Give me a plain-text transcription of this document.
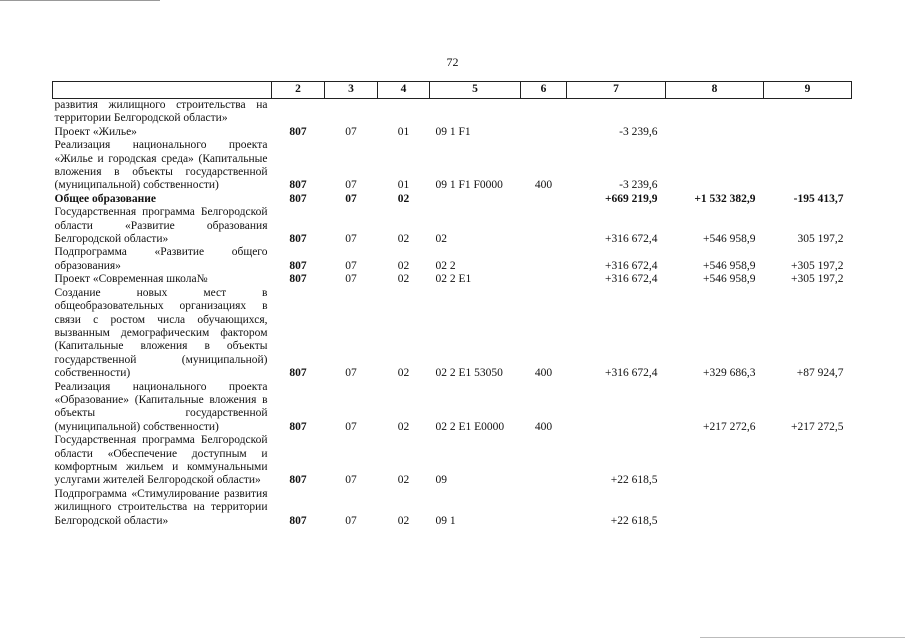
72
	2	3	4	5	6	7	8	9
развития жилищного строительства на территории Белгородской области»								
Проект «Жилье»	807	07	01	09 1 F1		-3 239,6		
Реализация национального проекта «Жилье и городская среда» (Капитальные вложения в объекты государственной (муниципальной) собственности)	807	07	01	09 1 F1 F0000	400	-3 239,6		
Общее образование	807	07	02			+669 219,9	+1 532 382,9	-195 413,7
Государственная программа Белгородской области «Развитие образования Белгородской области»	807	07	02	02		+316 672,4	+546 958,9	305 197,2
Подпрограмма «Развитие общего образования»	807	07	02	02 2		+316 672,4	+546 958,9	+305 197,2
Проект «Современная школа№	807	07	02	02 2 E1		+316 672,4	+546 958,9	+305 197,2
Создание новых мест в общеобразовательных организациях в связи с ростом числа обучающихся, вызванным демографическим фактором (Капитальные вложения в объекты государственной (муниципальной) собственности)	807	07	02	02 2 E1 53050	400	+316 672,4	+329 686,3	+87 924,7
Реализация национального проекта «Образование» (Капитальные вложения в объекты государственной (муниципальной) собственности)	807	07	02	02 2 E1 E0000	400		+217 272,6	+217 272,5
Государственная программа Белгородской области «Обеспечение доступным и комфортным жильем и коммунальными услугами жителей Белгородской области»	807	07	02	09		+22 618,5		
Подпрограмма «Стимулирование развития жилищного строительства на территории Белгородской области»	807	07	02	09 1		+22 618,5		
